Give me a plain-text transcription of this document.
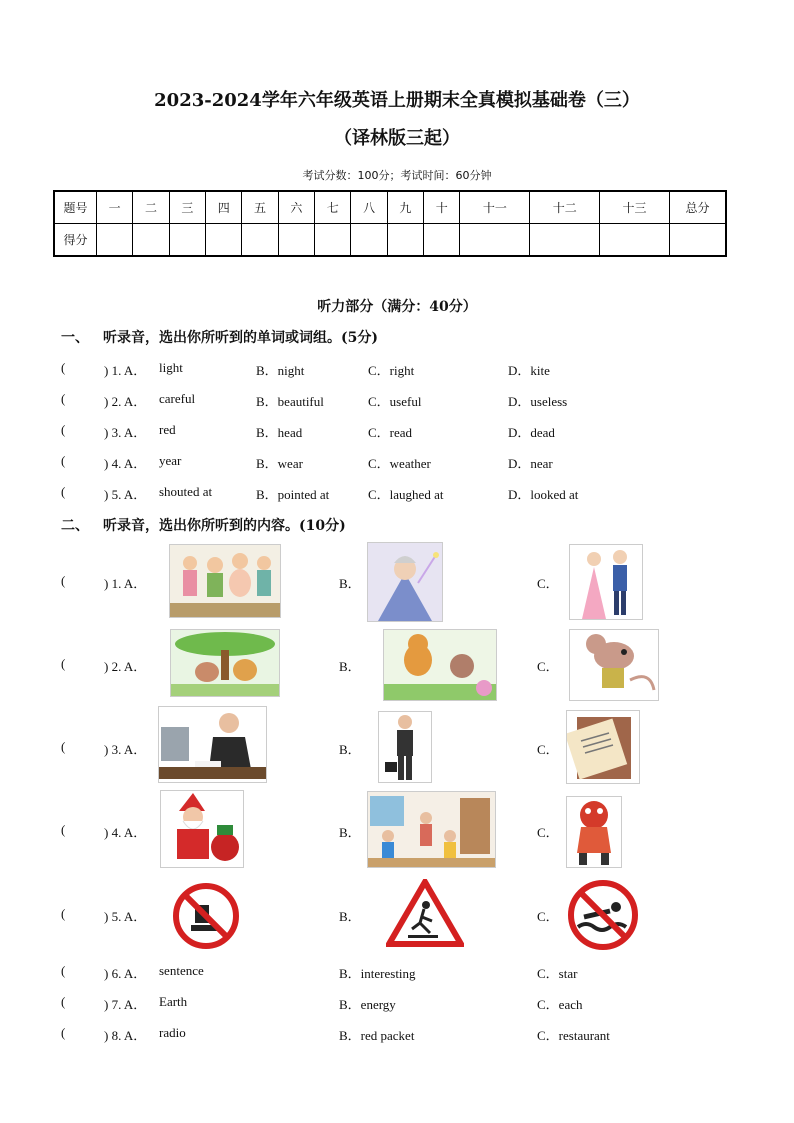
2023-2024学年六年级英语上册期末全真模拟基础卷（三）
（译林版三起）
考试分数：100分；考试时间：60分钟
题号	一	二	三	四	五	六	七	八	九	十	十一	十二	十三	总分
得分														
听力部分（满分：40分）
一、 听录音，选出你所听到的单词或词组。(5分)
(	) 1. A． light	B．night	C．right	D．kite
(	) 2. A． careful	B．beautiful	C．useful	D．useless
(	) 3. A． red	B．head	C．read	D．dead
(	) 4. A． year	B．wear	C．weather	D．near
(	) 5. A． shouted at	B．pointed at	C．laughed at	D．looked at
二、 听录音，选出你所听到的内容。(10分)
(	) 1. A．	B．	C．
(	) 2. A．	B．	C．
(	) 3. A．	B．	C．
(	) 4. A．	B．	C．
(	) 5. A．	B．	C．
(	) 6. A． sentence	B．interesting	C．star
(	) 7. A． Earth	B．energy	C．each
(	) 8. A． radio	B．red packet	C．restaurant
